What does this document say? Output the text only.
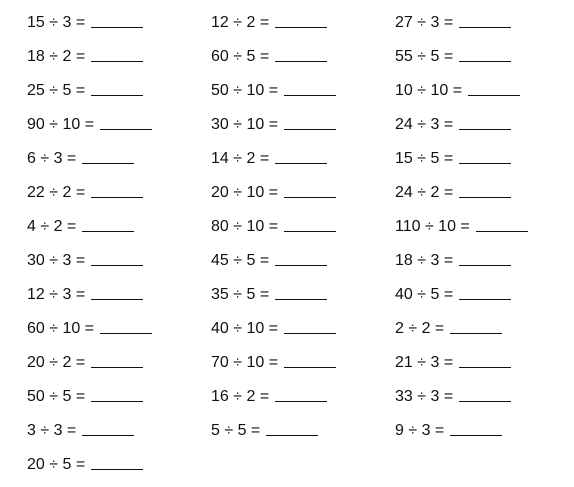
15 ÷ 3 =
18 ÷ 2 =
25 ÷ 5 =
90 ÷ 10 =
6 ÷ 3 =
22 ÷ 2 =
4 ÷ 2 =
30 ÷ 3 =
12 ÷ 3 =
60 ÷ 10 =
20 ÷ 2 =
50 ÷ 5 =
3 ÷ 3 =
20 ÷ 5 =
12 ÷ 2 =
60 ÷ 5 =
50 ÷ 10 =
30 ÷ 10 =
14 ÷ 2 =
20 ÷ 10 =
80 ÷ 10 =
45 ÷ 5 =
35 ÷ 5 =
40 ÷ 10 =
70 ÷ 10 =
16 ÷ 2 =
5 ÷ 5 =
27 ÷ 3 =
55 ÷ 5 =
10 ÷ 10 =
24 ÷ 3 =
15 ÷ 5 =
24 ÷ 2 =
110 ÷ 10 =
18 ÷ 3 =
40 ÷ 5 =
2 ÷ 2 =
21 ÷ 3 =
33 ÷ 3 =
9 ÷ 3 =
